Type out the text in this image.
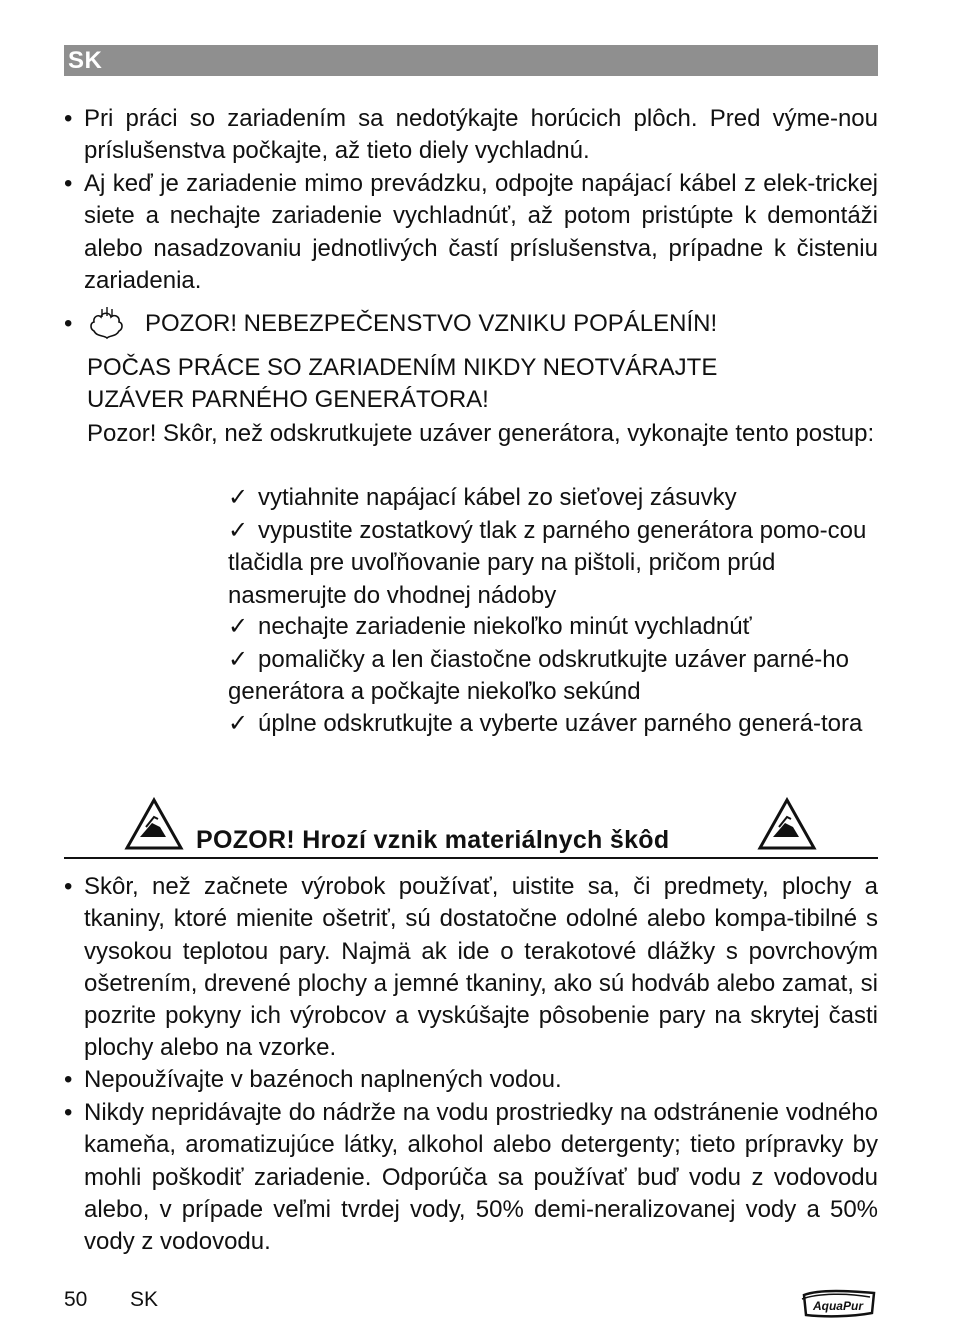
SK
• Pri práci so zariadením sa nedotýkajte horúcich plôch. Pred výme-nou príslušenstva počkajte, až tieto diely vychladnú.

• Aj keď je zariadenie mimo prevádzku, odpojte napájací kábel z elek-trickej siete a nechajte zariadenie vychladnúť, až potom pristúpte k demontáži alebo nasadzovaniu jednotlivých častí príslušenstva, prípadne k čisteniu zariadenia.

•	POZOR! NEBEZPEČENSTVO VZNIKU POPÁLENÍN!

POČAS PRÁCE SO ZARIADENÍM NIKDY NEOTVÁRAJTE

UZÁVER PARNÉHO GENERÁTORA!

Pozor! Skôr, než odskrutkujete uzáver generátora, vykonajte tento postup:

✓ vytiahnite napájací kábel zo sieťovej zásuvky

✓ vypustite zostatkový tlak z parného generátora pomo-cou tlačidla pre uvoľňovanie pary na pištoli, pričom prúd nasmerujte do vhodnej nádoby

✓ nechajte zariadenie niekoľko minút vychladnúť

✓ pomaličky a len čiastočne odskrutkujte uzáver parné-ho generátora a počkajte niekoľko sekúnd

✓ úplne odskrutkujte a vyberte uzáver parného generá-tora

POZOR! Hrozí vznik materiálnych škôd
• Skôr, než začnete výrobok používať, uistite sa, či predmety, plochy a tkaniny, ktoré mienite ošetriť, sú dostatočne odolné alebo kompa-tibilné s vysokou teplotou pary. Najmä ak ide o terakotové dlážky s povrchovým ošetrením, drevené plochy a jemné tkaniny, ako sú hodváb alebo zamat, si pozrite pokyny ich výrobcov a vyskúšajte pôsobenie pary na skrytej časti plochy alebo na vzorke.

• Nepoužívajte v bazénoch naplnených vodou.

• Nikdy nepridávajte do nádrže na vodu prostriedky na odstránenie vodného kameňa, aromatizujúce látky, alkohol alebo detergenty; tieto prípravky by mohli poškodiť zariadenie. Odporúča sa používať buď vodu z vodovodu alebo, v prípade veľmi tvrdej vody, 50% demi-neralizovanej vody a 50% vody z vodovodu.

50 SK	AquaPur
